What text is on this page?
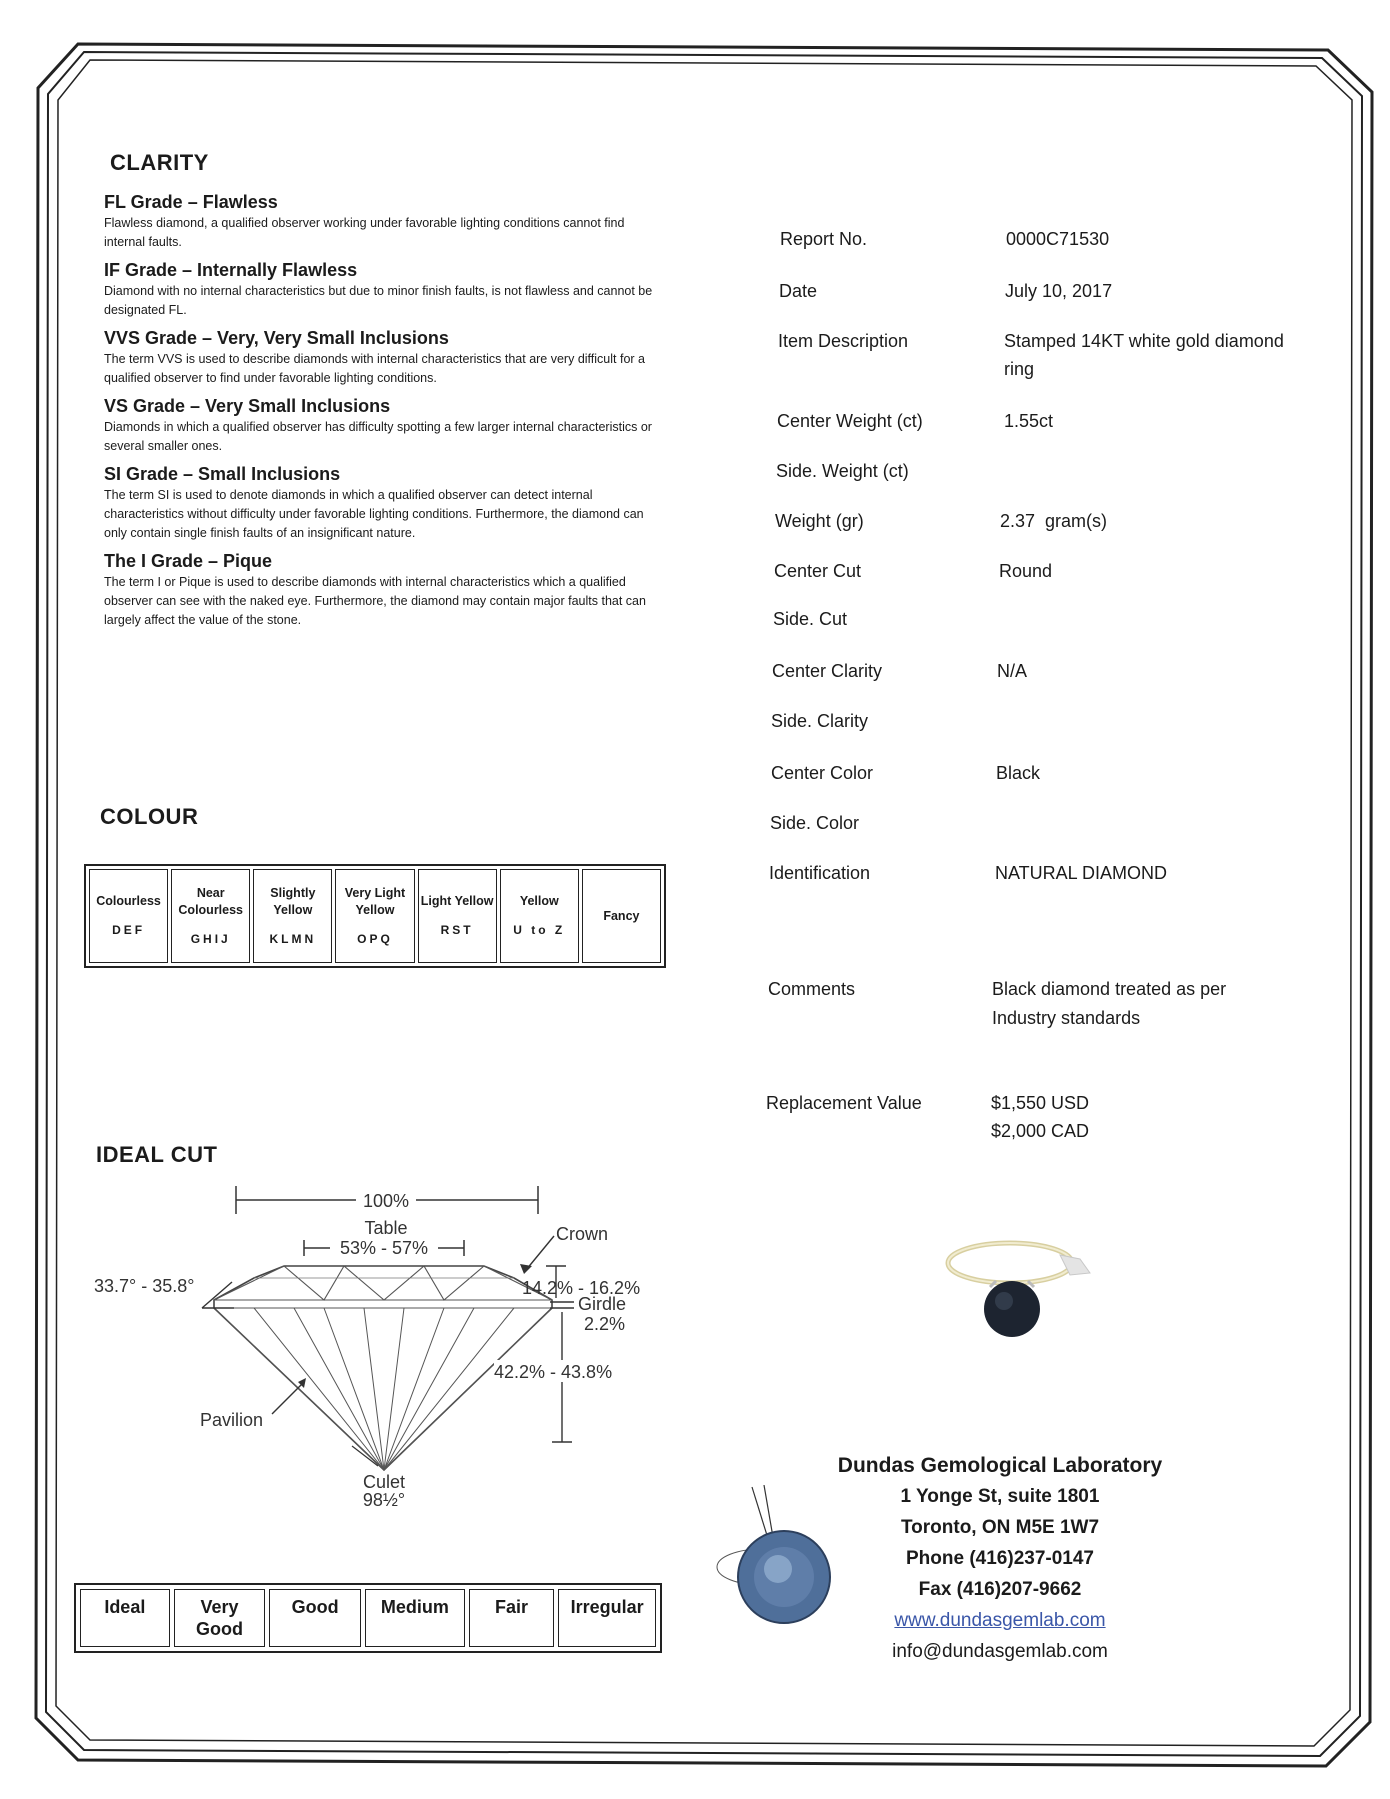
CLARITY
FL Grade – Flawless
Flawless diamond, a qualified observer working under favorable lighting conditions cannot find internal faults.
IF Grade – Internally Flawless
Diamond with no internal characteristics but due to minor finish faults, is not flawless and cannot be designated FL.
VVS Grade – Very, Very Small Inclusions
The term VVS is used to describe diamonds with internal characteristics that are very difficult for a qualified observer to find under favorable lighting conditions.
VS Grade – Very Small Inclusions
Diamonds in which a qualified observer has difficulty spotting a few larger internal characteristics or several smaller ones.
SI Grade – Small Inclusions
The term SI is used to denote diamonds in which a qualified observer can detect internal characteristics without difficulty under favorable lighting conditions. Furthermore, the diamond can only contain single finish faults of an insignificant nature.
The I Grade – Pique
The term I or Pique is used to describe diamonds with internal characteristics which a qualified observer can see with the naked eye. Furthermore, the diamond may contain major faults that can largely affect the value of the stone.
COLOUR
Colourless
DEF
Near Colourless
GHIJ
Slightly Yellow
KLMN
Very Light Yellow
OPQ
Light Yellow
RST
Yellow
U to Z
Fancy
IDEAL CUT
100%
Table
53% - 57%
33.7° - 35.8°
Crown
14.2% - 16.2%
Girdle
2.2%
42.2% - 43.8%
Pavilion
Culet
98½°
Ideal	Very Good
Good	Medium	Fair	Irregular
Report No.	0000C71530
Date	July 10, 2017
Item Description	Stamped 14KT white gold diamond ring
Center Weight (ct)	1.55ct
Side. Weight (ct)
Weight (gr)	2.37  gram(s)
Center Cut	Round
Side. Cut
Center Clarity	N/A
Side. Clarity
Center Color	Black
Side. Color
Identification	NATURAL DIAMOND
Comments	Black diamond treated as per Industry standards
Replacement Value	$1,550 USD
$2,000 CAD
Dundas Gemological Laboratory
1 Yonge St, suite 1801
Toronto, ON M5E 1W7
Phone (416)237-0147
Fax (416)207-9662
www.dundasgemlab.com
info@dundasgemlab.com
